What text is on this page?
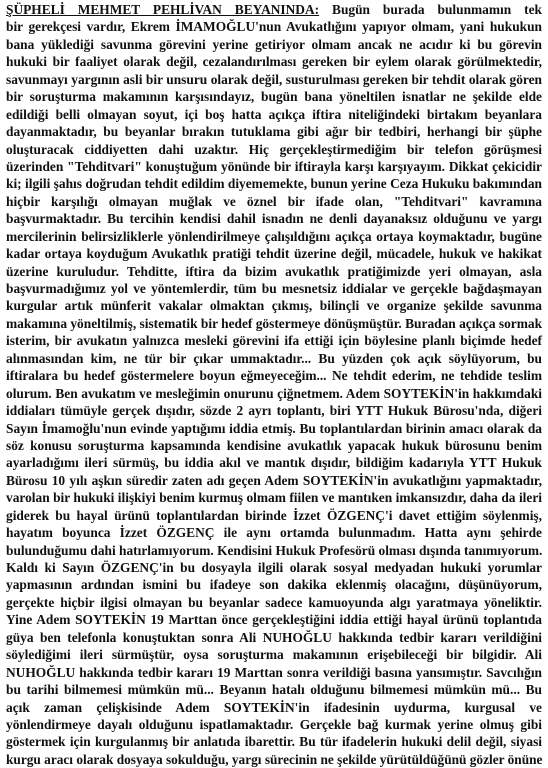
ŞÜPHELİ MEHMET PEHLİVAN BEYANINDA: Bugün burada bulunmamın tek
bir gerekçesi vardır, Ekrem İMAMOĞLU'nun Avukatlığını yapıyor olmam, yani hukukun
bana yüklediği savunma görevini yerine getiriyor olmam ancak ne acıdır ki bu görevin
hukuki bir faaliyet olarak değil, cezalandırılması gereken bir eylem olarak görülmektedir,
savunmayı yargının asli bir unsuru olarak değil, susturulması gereken bir tehdit olarak gören
bir soruşturma makamının karşısındayız, bugün bana yöneltilen isnatlar ne şekilde elde
edildiği belli olmayan soyut, içi boş hatta açıkça iftira niteliğindeki birtakım beyanlara
dayanmaktadır, bu beyanlar bırakın tutuklama gibi ağır bir tedbiri, herhangi bir şüphe
oluşturacak ciddiyetten dahi uzaktır. Hiç gerçekleştirmediğim bir telefon görüşmesi
üzerinden "Tehditvari" konuştuğum yönünde bir iftirayla karşı karşıyayım. Dikkat çekicidir
ki; ilgili şahıs doğrudan tehdit edildim diyememekte, bunun yerine Ceza Hukuku bakımından
hiçbir karşılığı olmayan muğlak ve öznel bir ifade olan, "Tehditvari" kavramına
başvurmaktadır. Bu tercihin kendisi dahil isnadın ne denli dayanaksız olduğunu ve yargı
mercilerinin belirsizliklerle yönlendirilmeye çalışıldığını açıkça ortaya koymaktadır, bugüne
kadar ortaya koyduğum Avukatlık pratiği tehdit üzerine değil, mücadele, hukuk ve hakikat
üzerine kuruludur. Tehditte, iftira da bizim avukatlık pratiğimizde yeri olmayan, asla
başvurmadığımız yol ve yöntemlerdir, tüm bu mesnetsiz iddialar ve gerçekle bağdaşmayan
kurgular artık münferit vakalar olmaktan çıkmış, bilinçli ve organize şekilde savunma
makamına yöneltilmiş, sistematik bir hedef göstermeye dönüşmüştür. Buradan açıkça sormak
isterim, bir avukatın yalnızca mesleki görevini ifa ettiği için böylesine planlı biçimde hedef
alınmasından kim, ne tür bir çıkar ummaktadır... Bu yüzden çok açık söylüyorum, bu
iftiralara bu hedef göstermelere boyun eğmeyeceğim... Ne tehdit ederim, ne tehdide teslim
olurum. Ben avukatım ve mesleğimin onurunu çiğnetmem. Adem SOYTEKİN'in hakkımdaki
iddiaları tümüyle gerçek dışıdır, sözde 2 ayrı toplantı, biri YTT Hukuk Bürosu'nda, diğeri
Sayın İmamoğlu'nun evinde yaptığımı iddia etmiş. Bu toplantılardan birinin amacı olarak da
söz konusu soruşturma kapsamında kendisine avukatlık yapacak hukuk bürosunu benim
ayarladığımı ileri sürmüş, bu iddia akıl ve mantık dışıdır, bildiğim kadarıyla YTT Hukuk
Bürosu 10 yılı aşkın süredir zaten adı geçen Adem SOYTEKİN'in avukatlığını yapmaktadır,
varolan bir hukuki ilişkiyi benim kurmuş olmam fiilen ve mantıken imkansızdır, daha da ileri
giderek bu hayal ürünü toplantılardan birinde İzzet ÖZGENÇ'i davet ettiğim söylenmiş,
hayatım boyunca İzzet ÖZGENÇ ile aynı ortamda bulunmadım. Hatta aynı şehirde
bulunduğumu dahi hatırlamıyorum. Kendisini Hukuk Profesörü olması dışında tanımıyorum.
Kaldı ki Sayın ÖZGENÇ'in bu dosyayla ilgili olarak sosyal medyadan hukuki yorumlar
yapmasının ardından ismini bu ifadeye son dakika eklenmiş olacağını, düşünüyorum,
gerçekte hiçbir ilgisi olmayan bu beyanlar sadece kamuoyunda algı yaratmaya yöneliktir.
Yine Adem SOYTEKİN 19 Marttan önce gerçekleştiğini iddia ettiği hayal ürünü toplantıda
güya ben telefonla konuştuktan sonra Ali NUHOĞLU hakkında tedbir kararı verildiğini
söylediğimi ileri sürmüştür, oysa soruşturma makamının erişebileceği bir bilgidir. Ali
NUHOĞLU hakkında tedbir kararı 19 Marttan sonra verildiği basına yansımıştır. Savcılığın
bu tarihi bilmemesi mümkün mü... Beyanın hatalı olduğunu bilmemesi mümkün mü... Bu
açık zaman çelişkisinde Adem SOYTEKİN'in ifadesinin uydurma, kurgusal ve
yönlendirmeye dayalı olduğunu ispatlamaktadır. Gerçekle bağ kurmak yerine olmuş gibi
göstermek için kurgulanmış bir anlatıda ibarettir. Bu tür ifadelerin hukuki delil değil, siyasi
kurgu aracı olarak dosyaya sokulduğu, yargı sürecinin ne şekilde yürütüldüğünü gözler önüne
